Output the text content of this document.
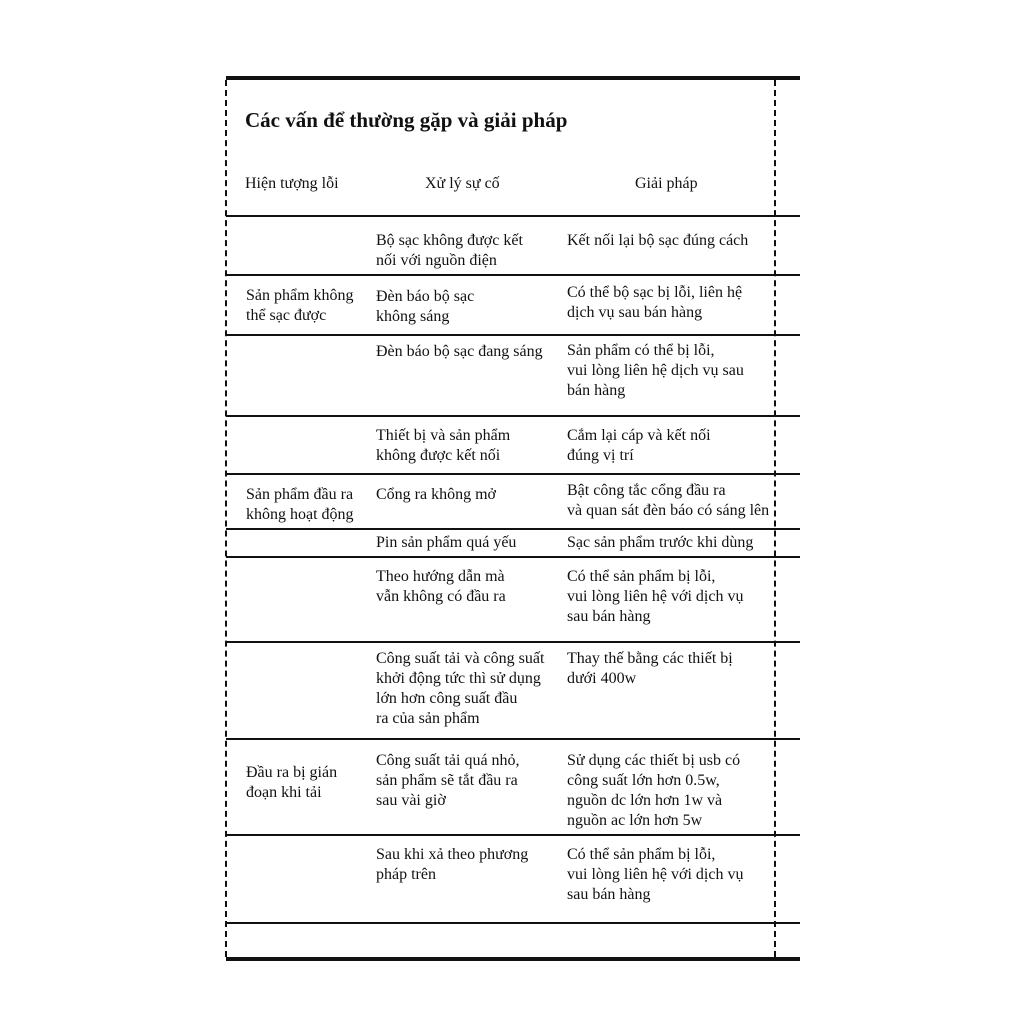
Các vấn để thường gặp và giải pháp
Hiện tượng lỗi	Xử lý sự cố	Giải pháp
Sản phẩm không
thể sạc được
Sản phẩm đầu ra
không hoạt động
Đầu ra bị gián
đoạn khi tải
Bộ sạc không được kết
nối với nguồn điện
Đèn báo bộ sạc
không sáng
Đèn báo bộ sạc đang sáng
Thiết bị và sản phẩm
không được kết nối
Cổng ra không mở
Pin sản phẩm quá yếu
Theo hướng dẫn mà
vẫn không có đầu ra
Công suất tải và công suất
khởi động tức thì sử dụng
lớn hơn công suất đầu
ra của sản phẩm
Công suất tải quá nhỏ,
sản phẩm sẽ tắt đầu ra
sau vài giờ
Sau khi xả theo phương
pháp trên
Kết nối lại bộ sạc đúng cách
Có thể bộ sạc bị lỗi, liên hệ
dịch vụ sau bán hàng
Sản phẩm có thể bị lỗi,
vui lòng liên hệ dịch vụ sau
bán hàng
Cắm lại cáp và kết nối
đúng vị trí
Bật công tắc cổng đầu ra
và quan sát đèn báo có sáng lên
Sạc sản phẩm trước khi dùng
Có thể sản phẩm bị lỗi,
vui lòng liên hệ với dịch vụ
sau bán hàng
Thay thế bằng các thiết bị
dưới 400w
Sử dụng các thiết bị usb có
công suất lớn hơn 0.5w,
nguồn dc lớn hơn 1w và
nguồn ac lớn hơn 5w
Có thể sản phẩm bị lỗi,
vui lòng liên hệ với dịch vụ
sau bán hàng
